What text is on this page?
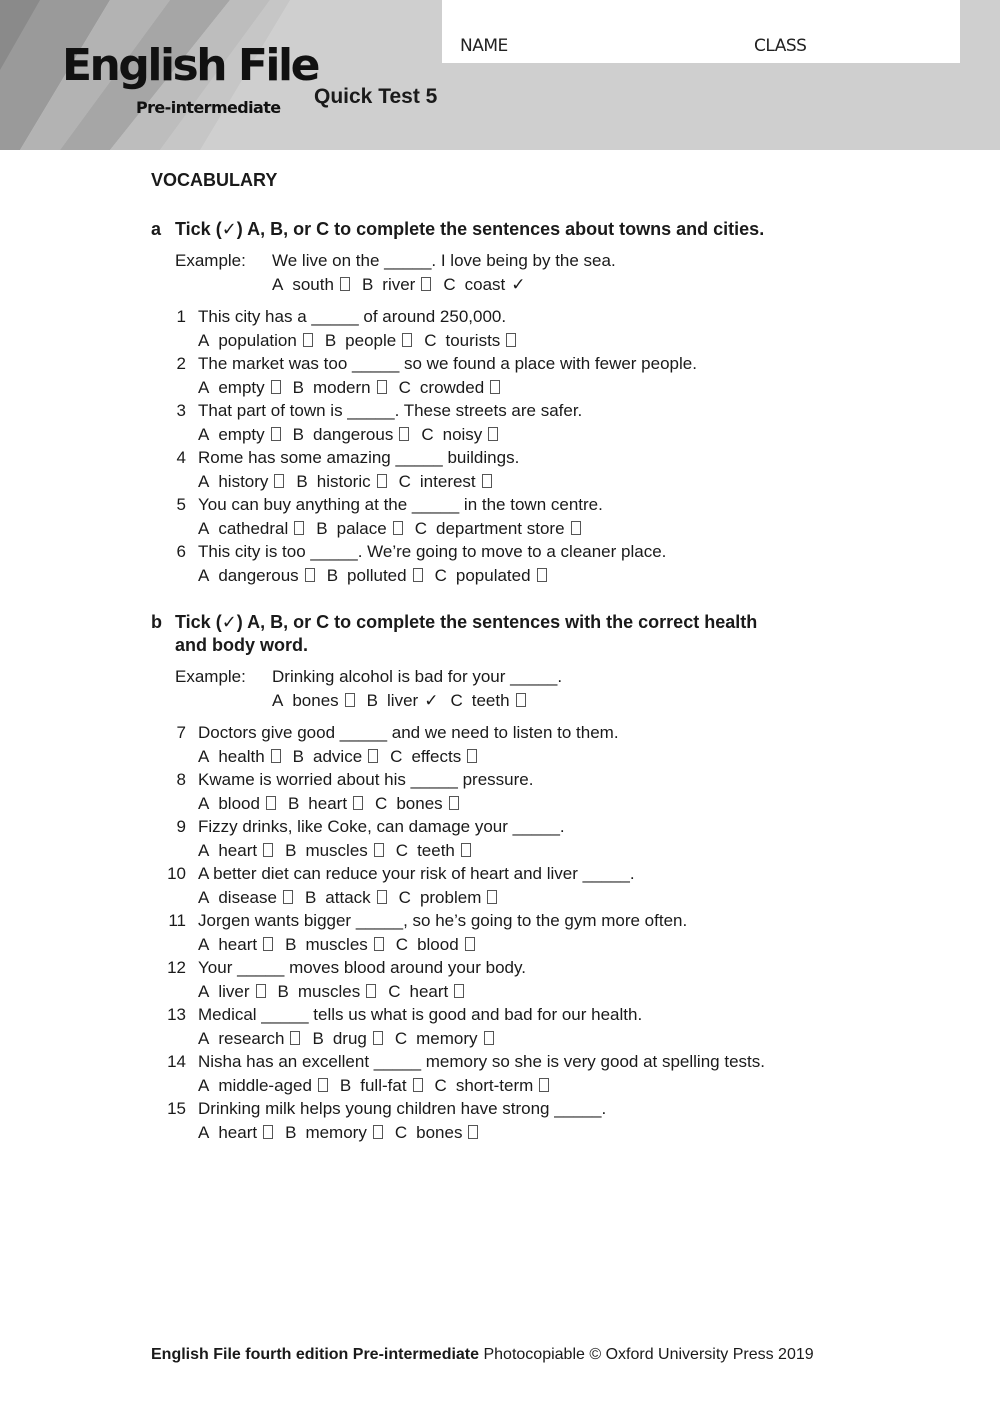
English File
Pre-intermediate Quick Test 5
NAME	CLASS
VOCABULARY
a Tick (✓) A, B, or C to complete the sentences about towns and cities.
Example: We live on the _____. I love being by the sea.
A south B river C coast ✓
1 This city has a _____ of around 250,000.
A population B people C tourists
2 The market was too _____ so we found a place with fewer people.
A empty B modern C crowded
3 That part of town is _____. These streets are safer.
A empty B dangerous C noisy
4 Rome has some amazing _____ buildings.
A history B historic C interest
5 You can buy anything at the _____ in the town centre.
A cathedral B palace C department store
6 This city is too _____. We’re going to move to a cleaner place.
A dangerous B polluted C populated
b Tick (✓) A, B, or C to complete the sentences with the correct health
and body word.
Example: Drinking alcohol is bad for your _____.
A bones B liver ✓ C teeth
7 Doctors give good _____ and we need to listen to them.
A health B advice C effects
8 Kwame is worried about his _____ pressure.
A blood B heart C bones
9 Fizzy drinks, like Coke, can damage your _____.
A heart B muscles C teeth
10 A better diet can reduce your risk of heart and liver _____.
A disease B attack C problem
11 Jorgen wants bigger _____, so he’s going to the gym more often.
A heart B muscles C blood
12 Your _____ moves blood around your body.
A liver B muscles C heart
13 Medical _____ tells us what is good and bad for our health.
A research B drug C memory
14 Nisha has an excellent _____ memory so she is very good at spelling tests.
A middle-aged B full-fat C short-term
15 Drinking milk helps young children have strong _____.
A heart B memory C bones
English File fourth edition Pre-intermediate Photocopiable © Oxford University Press 2019
